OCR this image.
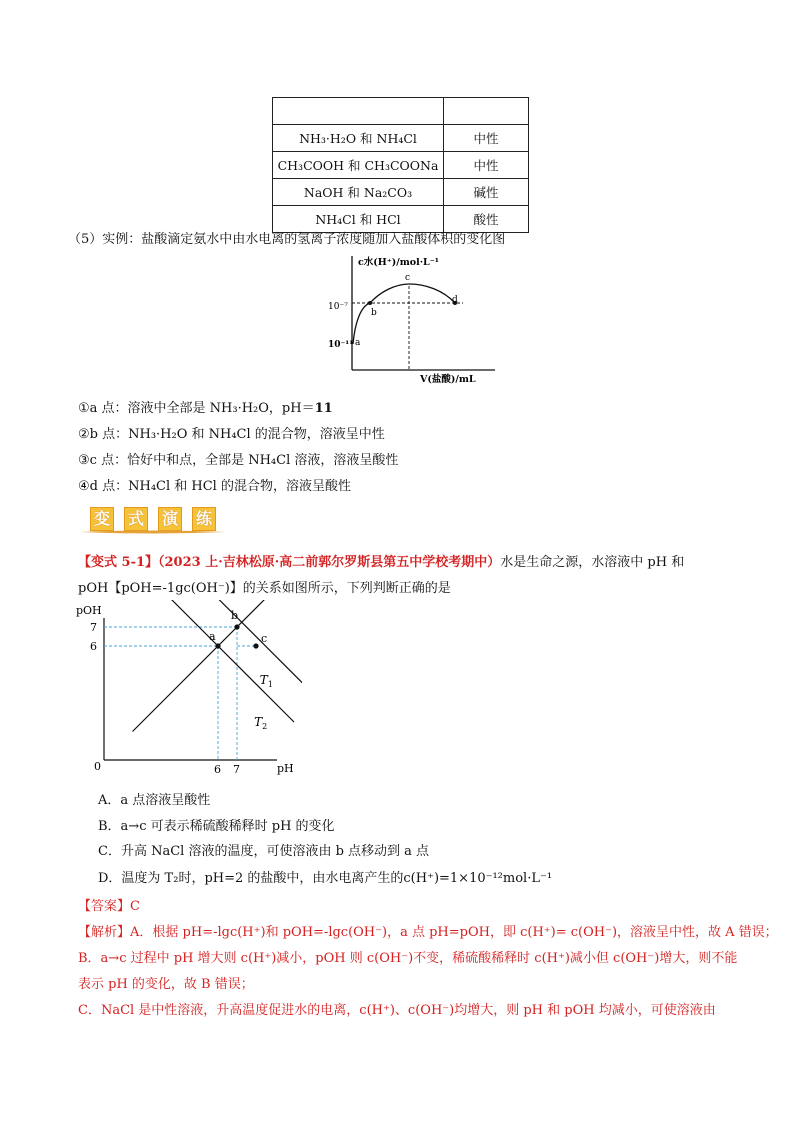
NH₃·H₂O 和 NH₄Cl	中性
CH₃COOH 和 CH₃COONa	中性
NaOH 和 Na₂CO₃	碱性
NH₄Cl 和 HCl	酸性
（5）实例：盐酸滴定氨水中由水电离的氢离子浓度随加入盐酸体积的变化图
c水(H⁺)/mol·L⁻¹
V(盐酸)/mL
10⁻⁷
10⁻¹¹ a
b
c
d
①a 点：溶液中全部是 NH₃·H₂O，pH＝11
②b 点：NH₃·H₂O 和 NH₄Cl 的混合物，溶液呈中性
③c 点：恰好中和点，全部是 NH₄Cl 溶液，溶液呈酸性
④d 点：NH₄Cl 和 HCl 的混合物，溶液呈酸性
变 式 演 练
【变式 5-1】（2023 上·吉林松原·高二前郭尔罗斯县第五中学校考期中）水是生命之源，水溶液中 pH 和
pOH【pOH=-1gc(OH⁻)】的关系如图所示，下列判断正确的是
pOH
pH
0	6 7
7
6
$T_1$
$T_2$
a
b
c
A．a 点溶液呈酸性
B．a→c 可表示稀硫酸稀释时 pH 的变化
C．升高 NaCl 溶液的温度，可使溶液由 b 点移动到 a 点
D．温度为 T₂时，pH=2 的盐酸中，由水电离产生的c(H⁺)=1×10⁻¹²mol·L⁻¹
【答案】C
【解析】A．根据 pH=-lgc(H⁺)和 pOH=-lgc(OH⁻)，a 点 pH=pOH，即 c(H⁺)= c(OH⁻)，溶液呈中性，故 A 错误；
B．a→c 过程中 pH 增大则 c(H⁺)减小，pOH 则 c(OH⁻)不变，稀硫酸稀释时 c(H⁺)减小但 c(OH⁻)增大，则不能
表示 pH 的变化，故 B 错误；
C．NaCl 是中性溶液，升高温度促进水的电离，c(H⁺)、c(OH⁻)均增大，则 pH 和 pOH 均减小，可使溶液由
